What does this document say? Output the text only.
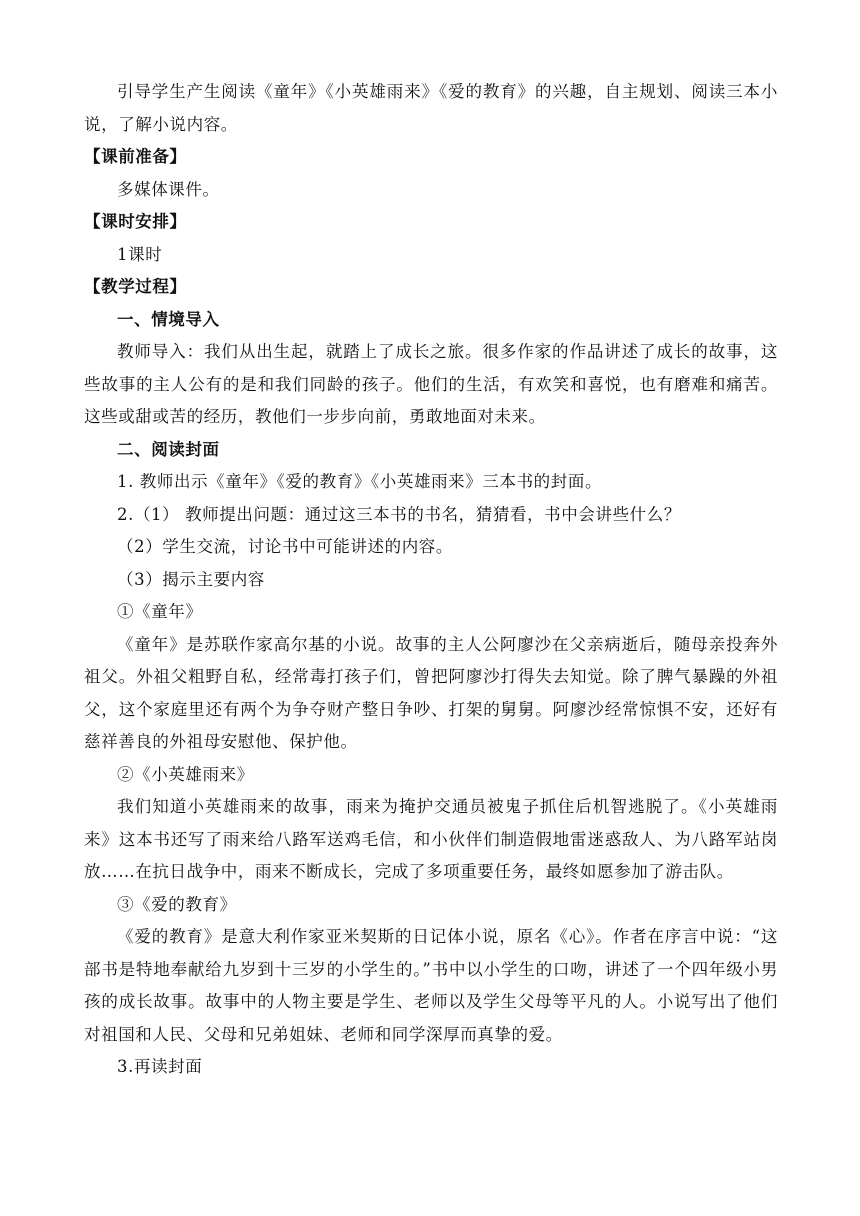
引导学生产生阅读《童年》《小英雄雨来》《爱的教育》的兴趣，自主规划、阅读三本小说，了解小说内容。

【课前准备】

多媒体课件。

【课时安排】

1课时

【教学过程】

一、情境导入

教师导入：我们从出生起，就踏上了成长之旅。很多作家的作品讲述了成长的故事，这些故事的主人公有的是和我们同龄的孩子。他们的生活，有欢笑和喜悦，也有磨难和痛苦。这些或甜或苦的经历，教他们一步步向前，勇敢地面对未来。

二、阅读封面

1. 教师出示《童年》《爱的教育》《小英雄雨来》三本书的封面。

2.（1） 教师提出问题：通过这三本书的书名，猜猜看，书中会讲些什么？

（2）学生交流，讨论书中可能讲述的内容。

（3）揭示主要内容

①《童年》

《童年》是苏联作家高尔基的小说。故事的主人公阿廖沙在父亲病逝后，随母亲投奔外祖父。外祖父粗野自私，经常毒打孩子们，曾把阿廖沙打得失去知觉。除了脾气暴躁的外祖父，这个家庭里还有两个为争夺财产整日争吵、打架的舅舅。阿廖沙经常惊惧不安，还好有慈祥善良的外祖母安慰他、保护他。

②《小英雄雨来》

我们知道小英雄雨来的故事，雨来为掩护交通员被鬼子抓住后机智逃脱了。《小英雄雨来》这本书还写了雨来给八路军送鸡毛信，和小伙伴们制造假地雷迷惑敌人、为八路军站岗放……在抗日战争中，雨来不断成长，完成了多项重要任务，最终如愿参加了游击队。

③《爱的教育》

《爱的教育》是意大利作家亚米契斯的日记体小说，原名《心》。作者在序言中说：“这部书是特地奉献给九岁到十三岁的小学生的。”书中以小学生的口吻，讲述了一个四年级小男孩的成长故事。故事中的人物主要是学生、老师以及学生父母等平凡的人。小说写出了他们对祖国和人民、父母和兄弟姐妹、老师和同学深厚而真挚的爱。

3.再读封面
